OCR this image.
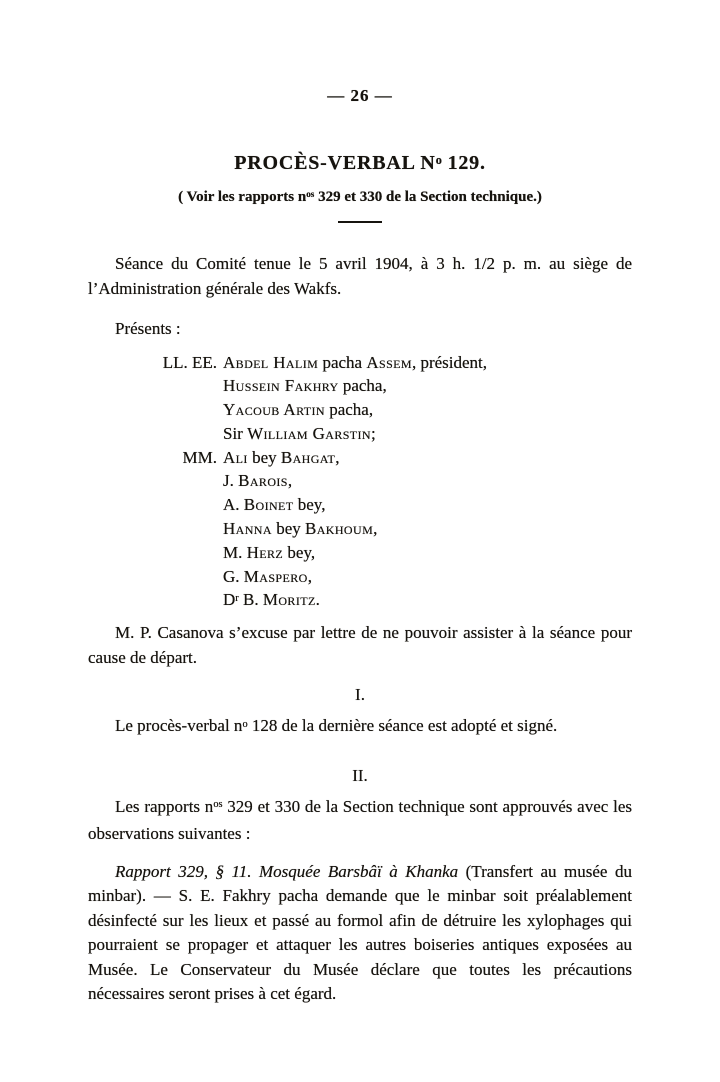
— 26 —
PROCÈS-VERBAL $N^o$ 129.
( Voir les rapports $n^{os}$ 329 et 330 de la Section technique.)

Séance du Comité tenue le 5 avril 1904, à 3 h. 1/2 p. m. au siège de l’Administration générale des Wakfs.

Présents :

LL. EE. Abdel Halim pacha Assem, président,
Hussein Fakhry pacha,
Yacoub Artin pacha,
Sir William Garstin;
MM. Ali bey Bahgat,
J. Barois,
A. Boinet bey,
Hanna bey Bakhoum,
M. Herz bey,
G. Maspero,
$D^r$ B. Moritz.

M. P. Casanova s’excuse par lettre de ne pouvoir assister à la séance pour cause de départ.

I.

Le procès-verbal $n^o$ 128 de la dernière séance est adopté et signé.

II.

Les rapports $n^{os}$ 329 et 330 de la Section technique sont approuvés avec les observations suivantes :

Rapport 329, § 11. Mosquée Barsbâï à Khanka (Transfert au musée du minbar). — S. E. Fakhry pacha demande que le minbar soit préalablement désinfecté sur les lieux et passé au formol afin de détruire les xylophages qui pourraient se propager et attaquer les autres boiseries antiques exposées au Musée. Le Conservateur du Musée déclare que toutes les précautions nécessaires seront prises à cet égard.
